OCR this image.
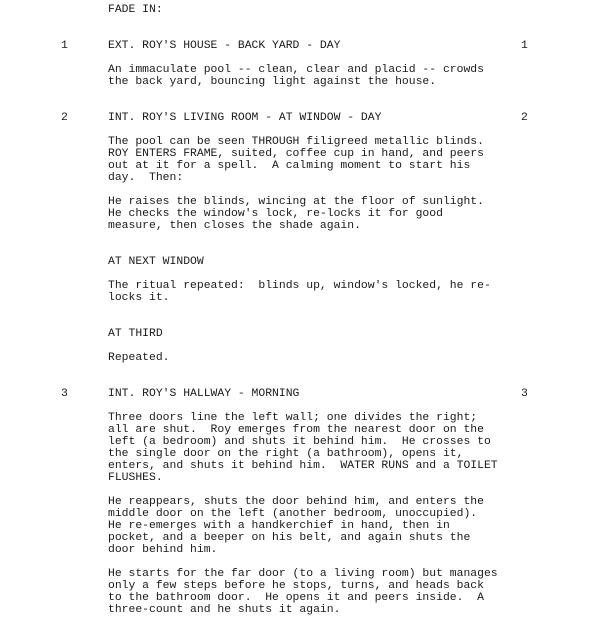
FADE IN:
1	EXT. ROY'S HOUSE - BACK YARD - DAY	1
An immaculate pool -- clean, clear and placid -- crowds
the back yard, bouncing light against the house.
2	INT. ROY'S LIVING ROOM - AT WINDOW - DAY	2
The pool can be seen THROUGH filigreed metallic blinds.
ROY ENTERS FRAME, suited, coffee cup in hand, and peers
out at it for a spell.  A calming moment to start his
day.  Then:
He raises the blinds, wincing at the floor of sunlight.
He checks the window's lock, re-locks it for good
measure, then closes the shade again.
AT NEXT WINDOW
The ritual repeated:  blinds up, window's locked, he re-
locks it.
AT THIRD
Repeated.
3	INT. ROY'S HALLWAY - MORNING	3
Three doors line the left wall; one divides the right;
all are shut.  Roy emerges from the nearest door on the
left (a bedroom) and shuts it behind him.  He crosses to
the single door on the right (a bathroom), opens it,
enters, and shuts it behind him.  WATER RUNS and a TOILET
FLUSHES.
He reappears, shuts the door behind him, and enters the
middle door on the left (another bedroom, unoccupied).
He re-emerges with a handkerchief in hand, then in
pocket, and a beeper on his belt, and again shuts the
door behind him.
He starts for the far door (to a living room) but manages
only a few steps before he stops, turns, and heads back
to the bathroom door.  He opens it and peers inside.  A
three-count and he shuts it again.
